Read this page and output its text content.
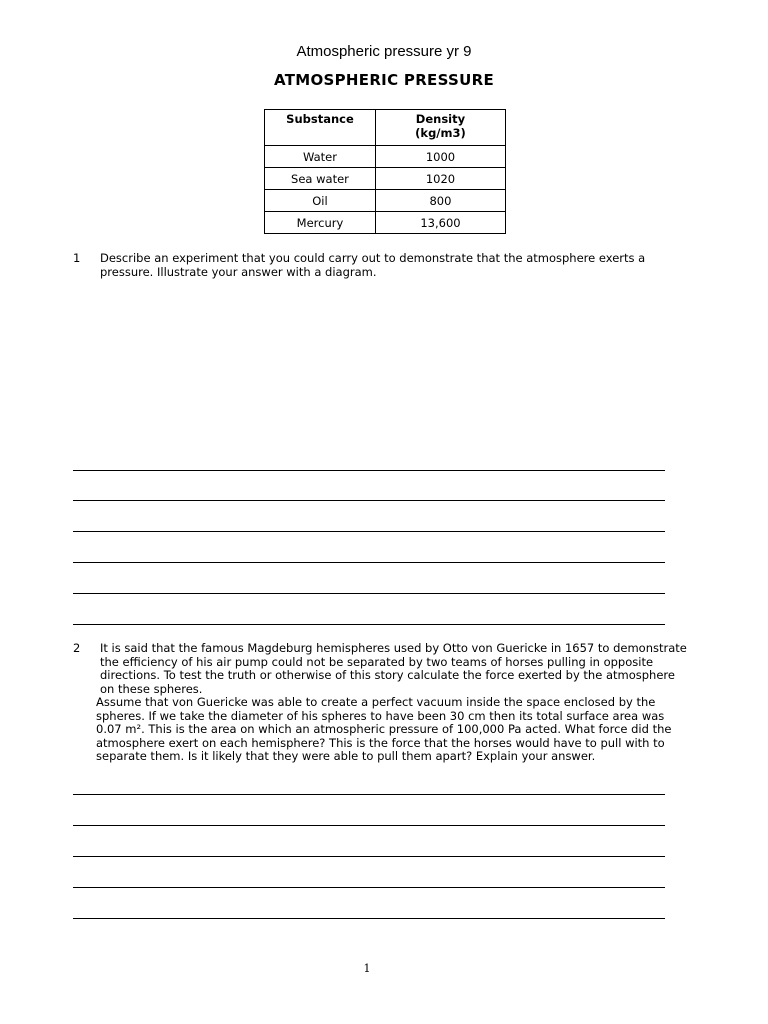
Atmospheric pressure yr 9
ATMOSPHERIC PRESSURE
Substance	Density
(kg/m3)
Water	1000
Sea water	1020
Oil	800
Mercury	13,600
1 Describe an experiment that you could carry out to demonstrate that the atmosphere exerts a pressure. Illustrate your answer with a diagram.

2 It is said that the famous Magdeburg hemispheres used by Otto von Guericke in 1657 to demonstrate the efficiency of his air pump could not be separated by two teams of horses pulling in opposite directions. To test the truth or otherwise of this story calculate the force exerted by the atmosphere on these spheres.

Assume that von Guericke was able to create a perfect vacuum inside the space enclosed by the spheres. If we take the diameter of his spheres to have been 30 cm then its total surface area was 0.07 m². This is the area on which an atmospheric pressure of 100,000 Pa acted. What force did the atmosphere exert on each hemisphere? This is the force that the horses would have to pull with to separate them. Is it likely that they were able to pull them apart? Explain your answer.

1
